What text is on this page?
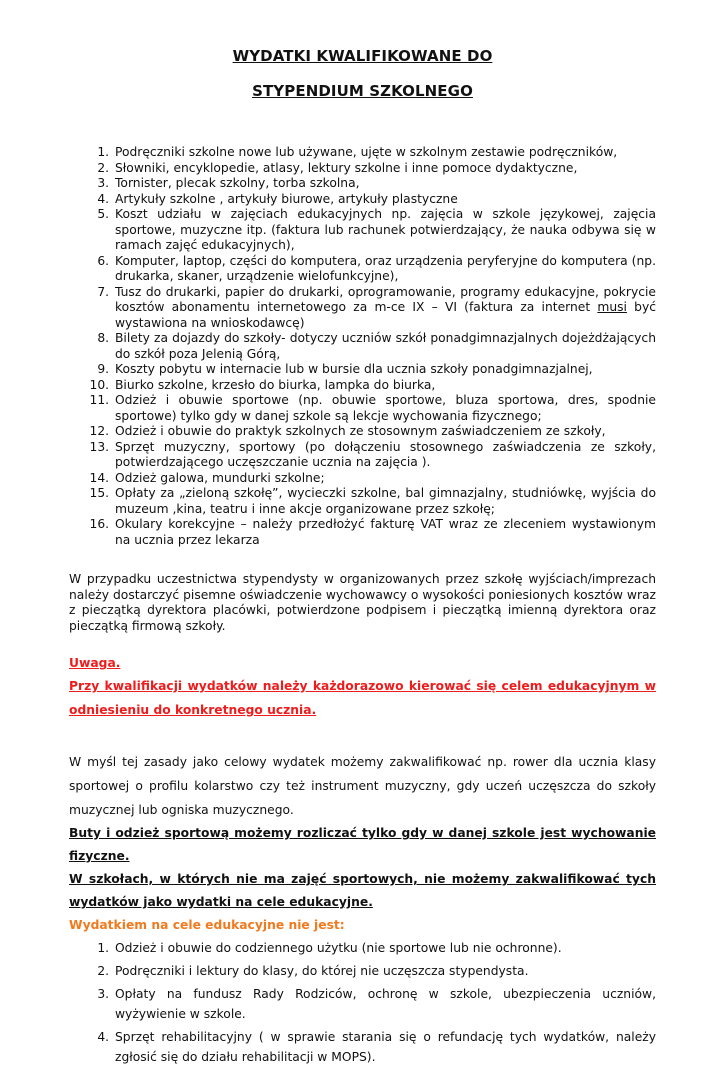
WYDATKI KWALIFIKOWANE DO
STYPENDIUM SZKOLNEGO
1. Podręczniki szkolne nowe lub używane, ujęte w szkolnym zestawie podręczników,
2. Słowniki, encyklopedie, atlasy, lektury szkolne i inne pomoce dydaktyczne,
3. Tornister, plecak szkolny, torba szkolna,
4. Artykuły szkolne , artykuły biurowe, artykuły plastyczne
5. Koszt udziału w zajęciach edukacyjnych np. zajęcia w szkole językowej, zajęcia sportowe, muzyczne itp. (faktura lub rachunek potwierdzający, że nauka odbywa się w ramach zajęć edukacyjnych),
6. Komputer, laptop, części do komputera, oraz urządzenia peryferyjne do komputera (np. drukarka, skaner, urządzenie wielofunkcyjne),
7. Tusz do drukarki, papier do drukarki, oprogramowanie, programy edukacyjne, pokrycie kosztów abonamentu internetowego za m-ce IX – VI (faktura za internet musi być wystawiona na wnioskodawcę)
8. Bilety za dojazdy do szkoły- dotyczy uczniów szkół ponadgimnazjalnych dojeżdżających do szkół poza Jelenią Górą,
9. Koszty pobytu w internacie lub w bursie dla ucznia szkoły ponadgimnazjalnej,
10. Biurko szkolne, krzesło do biurka, lampka do biurka,
11. Odzież i obuwie sportowe (np. obuwie sportowe, bluza sportowa, dres, spodnie sportowe) tylko gdy w danej szkole są lekcje wychowania fizycznego;
12. Odzież i obuwie do praktyk szkolnych ze stosownym zaświadczeniem ze szkoły,
13. Sprzęt muzyczny, sportowy (po dołączeniu stosownego zaświadczenia ze szkoły, potwierdzającego uczęszczanie ucznia na zajęcia ).
14. Odzież galowa, mundurki szkolne;
15. Opłaty za „zieloną szkołę”, wycieczki szkolne, bal gimnazjalny, studniówkę, wyjścia do muzeum ,kina, teatru i inne akcje organizowane przez szkołę;
16. Okulary korekcyjne – należy przedłożyć fakturę VAT wraz ze zleceniem wystawionym na ucznia przez lekarza

W przypadku uczestnictwa stypendysty w organizowanych przez szkołę wyjściach/imprezach należy dostarczyć pisemne oświadczenie wychowawcy o wysokości poniesionych kosztów wraz z pieczątką dyrektora placówki, potwierdzone podpisem i pieczątką imienną dyrektora oraz pieczątką firmową szkoły.

Uwaga.

Przy kwalifikacji wydatków należy każdorazowo kierować się celem edukacyjnym w odniesieniu do konkretnego ucznia.

W myśl tej zasady jako celowy wydatek możemy zakwalifikować np. rower dla ucznia klasy sportowej o profilu kolarstwo czy też instrument muzyczny, gdy uczeń uczęszcza do szkoły muzycznej lub ogniska muzycznego.

Buty i odzież sportową możemy rozliczać tylko gdy w danej szkole jest wychowanie fizyczne.

W szkołach, w których nie ma zajęć sportowych, nie możemy zakwalifikować tych wydatków jako wydatki na cele edukacyjne.

Wydatkiem na cele edukacyjne nie jest:

1. Odzież i obuwie do codziennego użytku (nie sportowe lub nie ochronne).
2. Podręczniki i lektury do klasy, do której nie uczęszcza stypendysta.
3. Opłaty na fundusz Rady Rodziców, ochronę w szkole, ubezpieczenia uczniów, wyżywienie w szkole.
4. Sprzęt rehabilitacyjny ( w sprawie starania się o refundację tych wydatków, należy zgłosić się do działu rehabilitacji w MOPS).
